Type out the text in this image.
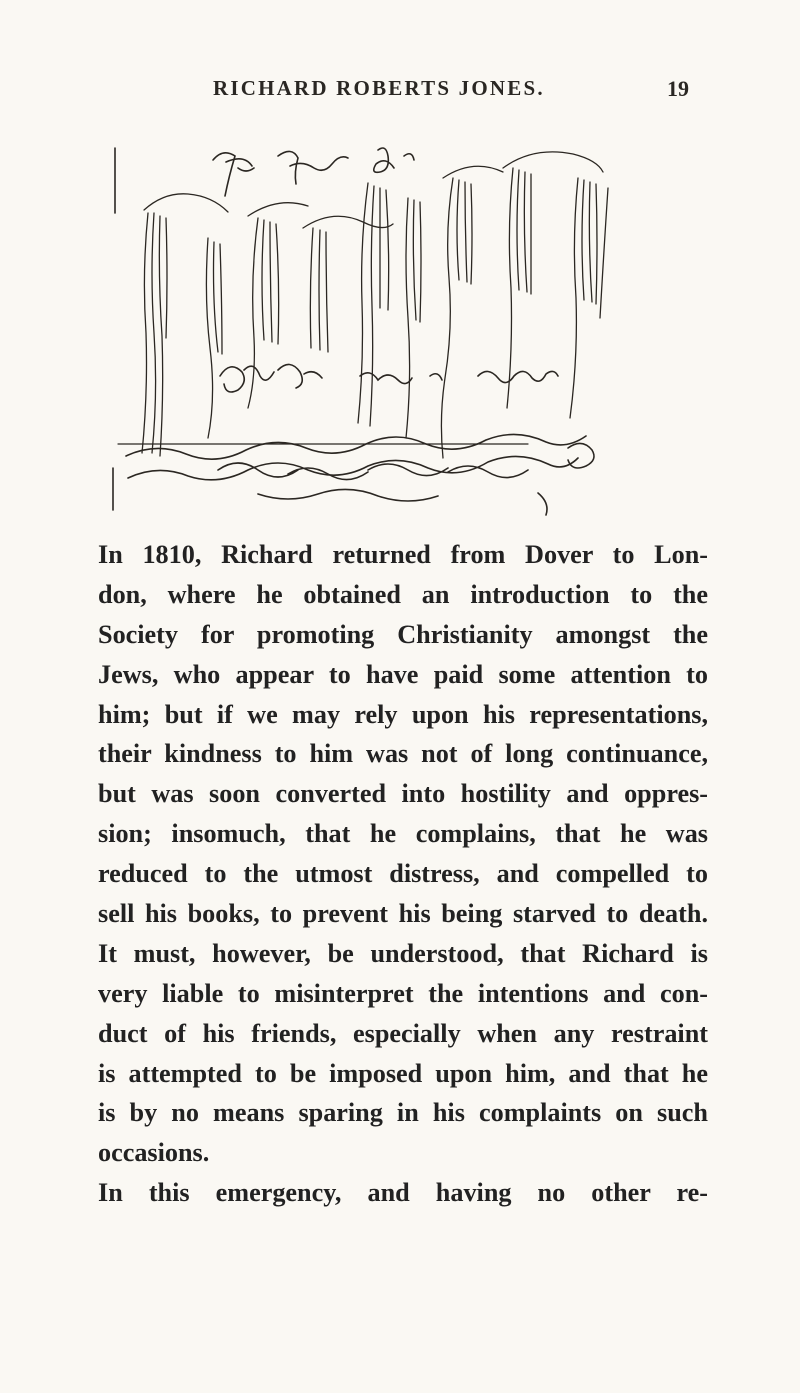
RICHARD ROBERTS JONES.	19
In 1810, Richard returned from Dover to Lon-
don, where he obtained an introduction to the
Society for promoting Christianity amongst the
Jews, who appear to have paid some attention to
him; but if we may rely upon his representations,
their kindness to him was not of long continuance,
but was soon converted into hostility and oppres-
sion; insomuch, that he complains, that he was
reduced to the utmost distress, and compelled to
sell his books, to prevent his being starved to death.
It must, however, be understood, that Richard is
very liable to misinterpret the intentions and con-
duct of his friends, especially when any restraint
is attempted to be imposed upon him, and that he
is by no means sparing in his complaints on such
occasions.
In this emergency, and having no other re-
